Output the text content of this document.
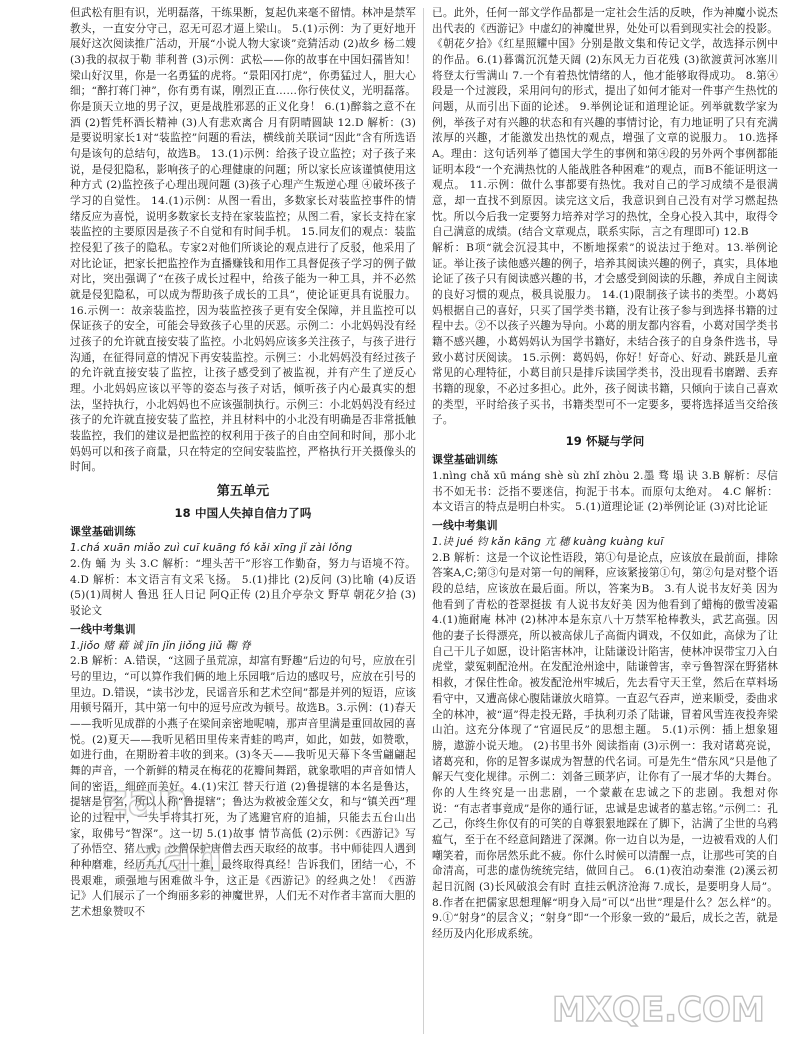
但武松有胆有识，光明磊落，干练果断，复起仇来毫不留情。林冲是禁军教头，一直安分守己，忍无可忍才逼上梁山。 5.(1)示例：为了更好地开展好这次阅读推广活动，开展“小说人物大家谈”竞猜活动 (2)故乡 杨二嫂 (3)我的叔叔于勒 菲利普 (3)示例：武松——你的故事在中国妇孺皆知！梁山好汉里，你是一名勇猛的虎将。“景阳冈打虎”，你勇猛过人，胆大心细；“醉打蒋门神”，你有勇有谋，刚烈正直……你行侠仗义，光明磊落。你是顶天立地的男子汉，更是战胜邪恶的正义化身！ 6.(1)醉翁之意不在酒 (2)暂凭杯酒长精神 (3)人有悲欢离合 月有阴晴圆缺 12.D 解析：(3)是要说明家长1对“装监控”问题的看法，横线前关联词“因此”含有所选语句是该句的总结句，故选B。 13.(1)示例：给孩子设立监控；对子孩子来说，是侵犯隐私，影响孩子的心理健康的问题；所以家长应该谨慎使用这种方式 (2)监控孩子心理出现问题 (3)孩子心理产生叛逆心理 ④破坏孩子学习的自觉性。 14.(1)示例：从图一看出，多数家长对装监控事件的情绪反应为喜悦，说明多数家长支持在家装监控；从图二看，家长支持在家装监控的主要原因是孩子不自觉和有时间手机。 15.同友们的观点：装监控侵犯了孩子的隐私。专家2对他们所谈论的观点进行了反驳，他采用了对比论证，把家长把监控作为直播赚钱和用作工具督促孩子学习的例子做对比，突出强调了“在孩子成长过程中，给孩子能为一种工具，并不必然就是侵犯隐私，可以成为帮助孩子成长的工具”，使论证更具有说服力。 16.示例一：故亲装监控，因为装监控孩子更有安全保障，并且监控可以保证孩子的安全，可能会导致孩子心里的厌恶。示例二：小北妈妈没有经过孩子的允许就直接安装了监控。小北妈妈应该多关注孩子，与孩子进行沟通，在征得同意的情况下再安装监控。示例三：小北妈妈没有经过孩子的允许就直接安装了监控，让孩子感受到了被监视，并有产生了逆反心理。小北妈妈应该以平等的姿态与孩子对话，倾听孩子内心最真实的想法，坚持执行，小北妈妈也不应该强制执行。示例三：小北妈妈没有经过孩子的允许就直接安装了监控，并且材料中的小北没有明确是否非常抵触装监控，我们的建议是把监控的权利用于孩子的自由空间和时间，那小北妈妈可以和孩子商量，只在特定的空间安装监控，严格执行开关摄像头的时间。

第五单元
18 中国人失掉自信力了吗
课堂基础训练

1.chá xuān miǎo zuì cuī kuāng fó kǎi xīng jǐ zài lǒng

2.伪 蛹 为 头 3.C 解析：“埋头苦干”形容工作勤奋，努力与语境不符。 4.D 解析：本文语言有文采飞扬。 5.(1)排比 (2)反问 (3)比喻 (4)反语 (5)(1)周树人 鲁迅 狂人日记 阿Q正传 (2)且介亭杂文 野草 朝花夕拾 (3)驳论文

一线中考集训

1.jiǒo 赌 藉 诚 jīn jǐn jiǒng jiǔ 鞠 脊

2.B 解析：A.错误，“这圆子虽荒凉，却富有野趣”后边的句号，应放在引号的里边，“可以算作我们俩的地上乐园哦”后边的感叹号，应放在引号的里边。D.错误，“读书沙龙，民谣音乐和艺术空间”都是并列的短语，应该用顿号隔开，其中第一句中的逗号应改为顿号。故选B。3.示例：(1)春天——我听见成群的小燕子在梁间亲密地呢喃，那声音里满是重回故园的喜悦。(2)夏天——我听见稻田里传来青蛙的鸣声，如此，如鼓，如赞歌，如进行曲，在期盼着丰收的到来。(3)冬天——我听见天幕下冬雪翩翩起舞的声音，一个新鲜的精灵在梅花的花瓣间舞蹈，就象歌唱的声音如情人间的密语，细碎而美好。4.(1)宋江 替天行道 (2)鲁提辖的本名是鲁达，提辖是官名，所以人称“鲁提辖”；鲁达为救被金莲父女，和与“镇关西”理论的过程中，一失手将其打死，为了逃避官府的追捕，只能去五台山出家，取佛号“智深”。这一切 5.(1)故事 情节高低 (2)示例：《西游记》写了孙悟空、猪八戒、沙僧保护唐僧去西天取经的故事。书中师徒四人遇到种种磨难，经历九九八十一难，最终取得真经！告诉我们，团结一心，不畏艰难，顽强地与困难做斗争，这正是《西游记》的经典之处！《西游记》人们展示了一个绚丽多彩的神魔世界，人们无不对作者丰富而大胆的艺术想象赞叹不

已。此外，任何一部文学作品都是一定社会生活的反映，作为神魔小说杰出代表的《西游记》中虚幻的神魔世界，处处可以看到现实社会的投影。《朝花夕拾》《红星照耀中国》分别是散文集和传记文学，故选择示例中的作品。6.(1)暮霭沉沉楚天阔 (2)东风无力百花残 (3)欲渡黄河冰塞川 将登太行雪满山 7.一个有着热忱情绪的人，他才能够取得成功。 8.第④段是一个过渡段，采用问句的形式，提出了如何才能对一件事产生热忱的问题，从而引出下面的论述。 9.举例论证和道理论证。列举就数学家为例，举孩子对有兴趣的状态和有兴趣的事情讨论，有力地证明了只有充满浓厚的兴趣，才能激发出热忱的观点，增强了文章的说服力。 10.选择A。理由：这句话列举了德国大学生的事例和第④段的另外两个事例都能证明本段“一个充满热忱的人能战胜各种困难”的观点，而B不能证明这一观点。 11.示例：做什么事都要有热忱。我对自己的学习成绩不是很满意，却一直找不到原因。读完这文后，我意识到自己没有对学习燃起热忱。所以今后我一定要努力培养对学习的热忱，全身心投入其中，取得令自己满意的成绩。(结合文章观点，联系实际，言之有理即可) 12.B

解析：B项“就会沉浸其中，不断地探索”的说法过于绝对。13.举例论证。举让孩子读他感兴趣的例子，培养其阅读兴趣的例子，真实，具体地论证了孩子只有阅读感兴趣的书，才会感受到阅读的乐趣，养成自主阅读的良好习惯的观点，极具说服力。 14.(1)限制孩子读书的类型。小葛妈妈根据自己的喜好，只买了国学类书籍，没有让孩子参与到选择书籍的过程中去。②不以孩子兴趣为导向。小葛的朋友都内容看，小葛对国学类书籍不感兴趣，小葛妈妈认为国学书籍好，未结合孩子的自身条件选书，导致小葛讨厌阅读。 15.示例：葛妈妈，你好！好奇心、好动、跳跃是儿童常见的心理特征，小葛目前只是排斥读国学类书，没出现看书磨蹭、丢弃书籍的现象，不必过多担心。此外，孩子阅读书籍，只倾向于读自己喜欢的类型，平时给孩子买书，书籍类型可不一定要多，要将选择适当交给孩子。

19 怀疑与学问
课堂基础训练

1.nìng chǎ xū máng shè sù zhǐ zhòu 2.墨 骛 塌 诀 3.B 解析：尽信书不如无书：泛指不要迷信，拘泥于书本。而原句太绝对。 4.C 解析：本文语言的特点是明白朴实。 5.(1)道理论证 (2)举例论证 (3)对比论证

一线中考集训

1.诀 jué 钧 kǎn kāng 亢 穗 kuàng kuàng kuī

2.B 解析：这是一个议论性语段，第①句是论点，应该放在最前面，排除答案A,C;第③句是对第一句的阐释，应该紧接第①句，第②句是对整个语段的总结，应该放在最后面。所以，答案为B。 3.有人说书友好美 因为他看到了青松的苍翠挺拔 有人说书友好美 因为他看到了蜡梅的傲雪凌霜 4.(1)施耐庵 林冲 (2)林冲本是东京八十万禁军枪棒教头，武艺高强。因他的妻子长得漂亮，所以被高俅儿子高衙内调戏，不仅如此，高俅为了让自己干儿子如愿，设计陷害林冲，让陆谦设计陷害，使林冲误带宝刀入白虎堂，蒙冤刺配沧州。在发配沧州途中，陆谦曾害，幸亏鲁智深在野猪林相救，才保住性命。被发配沧州牢城后，先去看守天王堂，然后在草料场看守中，又遭高俅心腹陆谦放火暗算。一直忍气吞声，逆来顺受，委曲求全的林冲，被“逼”得走投无路，手执利刃杀了陆谦，冒着风雪连夜投奔梁山泊。这充分体现了“官逼民反”的思想主题。 5.(1)示例：插上想象翅膀，遨游小说天地。 (2)书里书外 阅读指南 (3)示例一：我对诸葛亮说，诸葛亮和，你的足智多谋成为智慧的代名词。可是先生“借东风”只是他了解天气变化规律。示例二：刘备三顾茅庐，让你有了一展才华的大舞台。你的人生终究是一出悲剧，一个蒙蔽在忠诚之下的悲剧。我想对你说：“有志者事竟成”是你的通行证，忠诚是忠诚者的墓志铭。”示例二：孔乙己，你终生你仅有的可笑的自尊狠狠地踩在了脚下，沾满了尘世的乌鸦瘟气，至于在不经意间踏进了深渊。你一边自以为是，一边被看戏的人们嘲笑着，而你居然乐此不疲。你什么时候可以清醒一点，让那些可笑的自命清高，可悲的虚伪统统完结，做回自己。 6.(1)夜泊动秦淮 (2)溪云初起日沉阁 (3)长风破浪会有时 直挂云帆济沧海 7.成长，是要明身人局”。 8.作者在把儒家思想理解“明身入局”可以“出世”理是什么？怎么样”的。 9.①“射身”的层含义；“射身”即“一个形象一致的”最后，成长之苦，就是经历及内化形成系统。

zan
zan
MXQE.COM
